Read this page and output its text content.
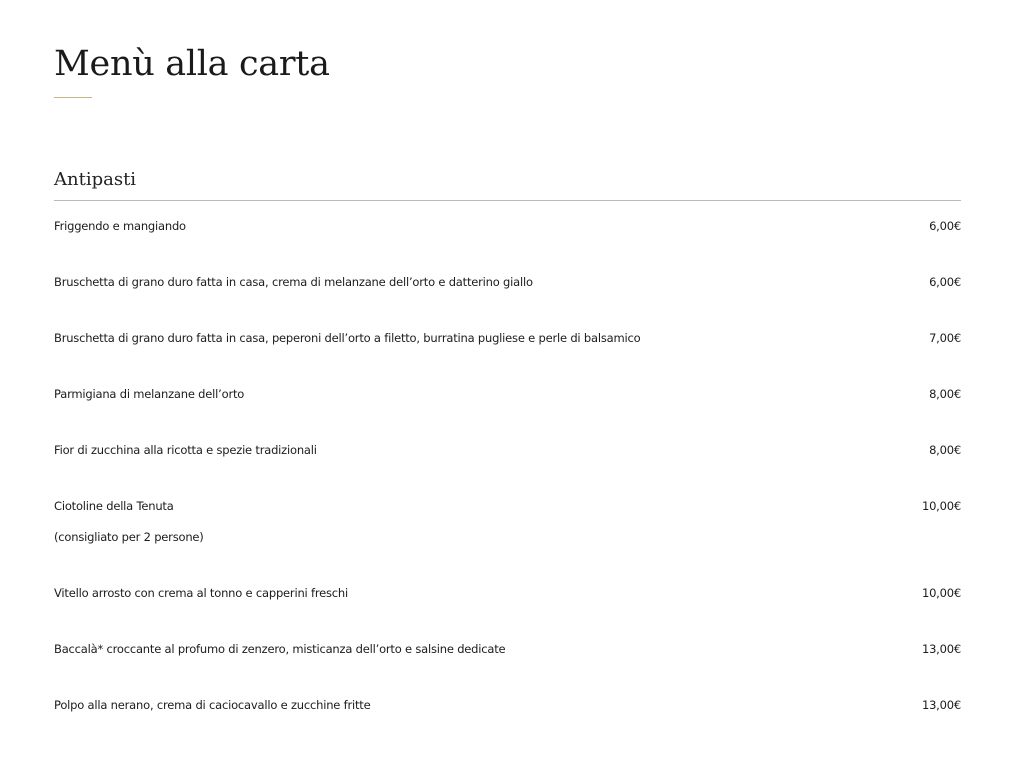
Menù alla carta
Antipasti
Friggendo e mangiando	6,00€
Bruschetta di grano duro fatta in casa, crema di melanzane dell’orto e datterino giallo	6,00€
Bruschetta di grano duro fatta in casa, peperoni dell’orto a filetto, burratina pugliese e perle di balsamico	7,00€
Parmigiana di melanzane dell’orto	8,00€
Fior di zucchina alla ricotta e spezie tradizionali	8,00€
Ciotoline della Tenuta	10,00€
(consigliato per 2 persone)
Vitello arrosto con crema al tonno e capperini freschi	10,00€
Baccalà* croccante al profumo di zenzero, misticanza dell’orto e salsine dedicate	13,00€
Polpo alla nerano, crema di caciocavallo e zucchine fritte	13,00€
